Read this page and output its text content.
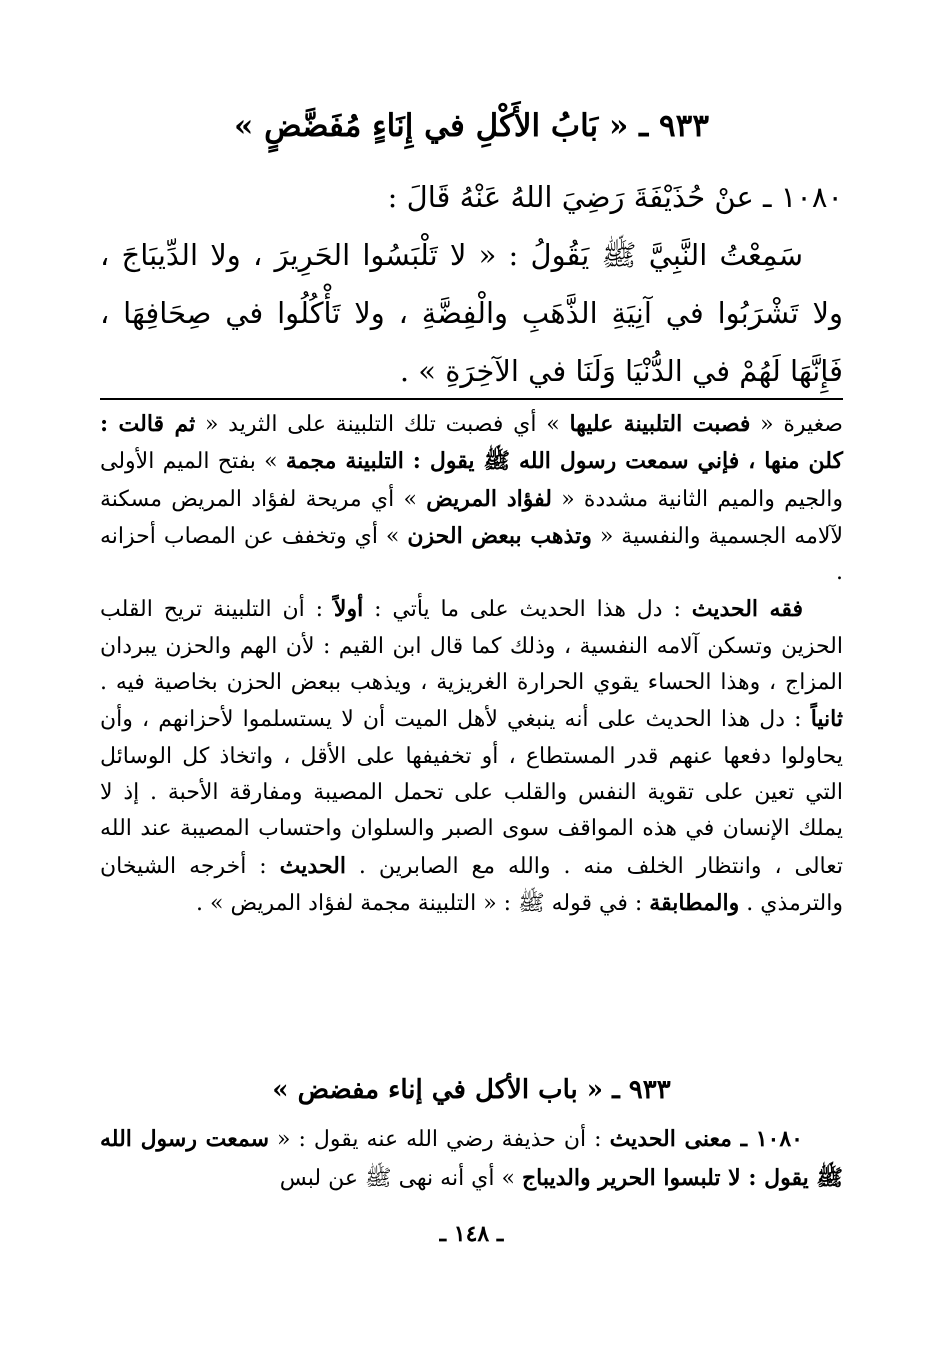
٩٣٣ ـ « بَابُ الأَكْلِ في إِنَاءٍ مُفَضَّضٍ »

١٠٨٠ ـ عنْ حُذَيْفَةَ رَضِيَ اللهُ عَنْهُ قَالَ :

سَمِعْتُ النَّبِيَّ ﷺ يَقُولُ : « لا تَلْبَسُوا الحَرِيرَ ، ولا الدِّيبَاجَ ، ولا تَشْرَبُوا في آنِيَةِ الذَّهَبِ والْفِضَّةِ ، ولا تَأْكُلُوا في صِحَافِهَا ، فَإِنَّهَا لَهُمْ في الدُّنْيَا وَلَنَا في الآخِرَةِ » .

صغيرة « فصبت التلبينة عليها » أي فصبت تلك التلبينة على الثريد « ثم قالت : كلن منها ، فإني سمعت رسول الله ﷺ يقول : التلبينة مجمة » بفتح الميم الأولى والجيم والميم الثانية مشددة « لفؤاد المريض » أي مريحة لفؤاد المريض مسكنة لآلامه الجسمية والنفسية « وتذهب ببعض الحزن » أي وتخفف عن المصاب أحزانه .

فقه الحديث : دل هذا الحديث على ما يأتي : أولاً : أن التلبينة تريح القلب الحزين وتسكن آلامه النفسية ، وذلك كما قال ابن القيم : لأن الهم والحزن يبردان المزاج ، وهذا الحساء يقوي الحرارة الغريزية ، ويذهب ببعض الحزن بخاصية فيه . ثانياً : دل هذا الحديث على أنه ينبغي لأهل الميت أن لا يستسلموا لأحزانهم ، وأن يحاولوا دفعها عنهم قدر المستطاع ، أو تخفيفها على الأقل ، واتخاذ كل الوسائل التي تعين على تقوية النفس والقلب على تحمل المصيبة ومفارقة الأحبة . إذ لا يملك الإنسان في هذه المواقف سوى الصبر والسلوان واحتساب المصيبة عند الله تعالى ، وانتظار الخلف منه . والله مع الصابرين . الحديث : أخرجه الشيخان والترمذي . والمطابقة : في قوله ﷺ : « التلبينة مجمة لفؤاد المريض » .

٩٣٣ ـ « باب الأكل في إناء مفضض »

١٠٨٠ ـ معنى الحديث : أن حذيفة رضي الله عنه يقول : « سمعت رسول الله ﷺ يقول : لا تلبسوا الحرير والديباج » أي أنه نهى ﷺ عن لبس

ـ ١٤٨ ـ
